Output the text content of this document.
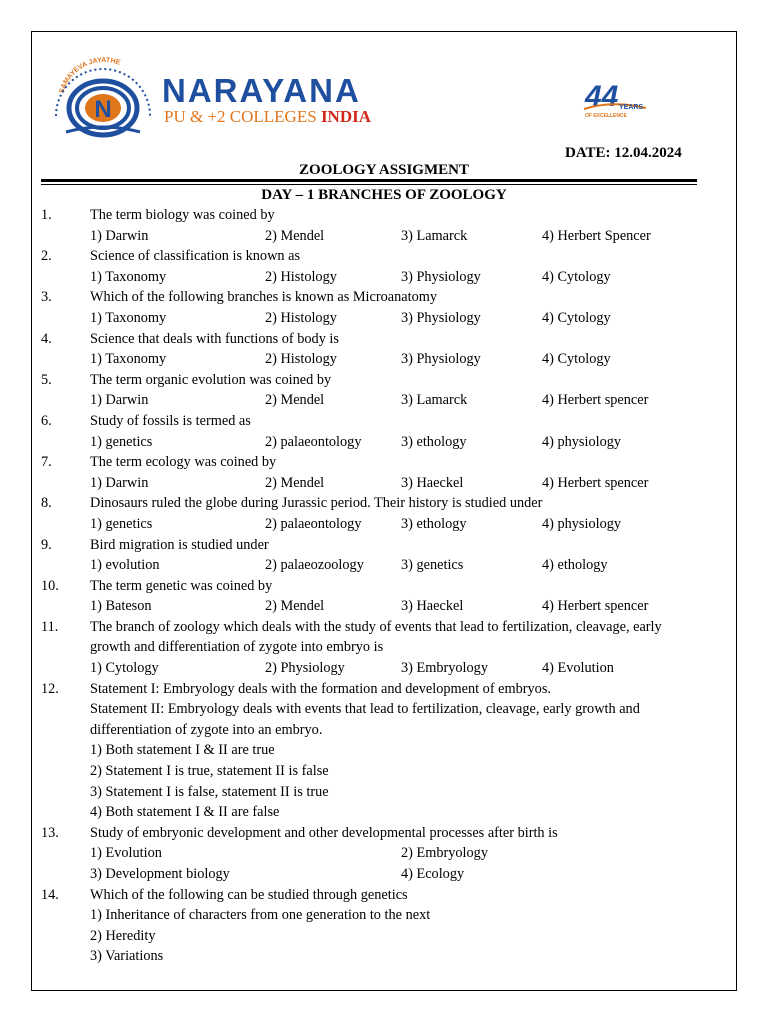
SAMAYEVA JAYATHE
N
NARAYANA
PU & +2 COLLEGES INDIA
44 YEARS
OF EXCELLENCE
DATE: 12.04.2024
ZOOLOGY ASSIGMENT
DAY – 1 BRANCHES OF ZOOLOGY
1.	The term biology was coined by
1) Darwin	2) Mendel	3) Lamarck	4) Herbert Spencer
2.	Science of classification is known as
1) Taxonomy	2) Histology	3) Physiology	4) Cytology
3.	Which of the following branches is known as Microanatomy
1) Taxonomy	2) Histology	3) Physiology	4) Cytology
4.	Science that deals with functions of body is
1) Taxonomy	2) Histology	3) Physiology	4) Cytology
5.	The term organic evolution was coined by
1) Darwin	2) Mendel	3) Lamarck	4) Herbert spencer
6.	Study of fossils is termed as
1) genetics	2) palaeontology	3) ethology	4) physiology
7.	The term ecology was coined by
1) Darwin	2) Mendel	3) Haeckel	4) Herbert spencer
8.	Dinosaurs ruled the globe during Jurassic period. Their history is studied under
1) genetics	2) palaeontology	3) ethology	4) physiology
9.	Bird migration is studied under
1) evolution	2) palaeozoology	3) genetics	4) ethology
10.	The term genetic was coined by
1) Bateson	2) Mendel	3) Haeckel	4) Herbert spencer
11.	The branch of zoology which deals with the study of events that lead to fertilization, cleavage, early
growth and differentiation of zygote into embryo is
1) Cytology	2) Physiology	3) Embryology	4) Evolution
12.	Statement I: Embryology deals with the formation and development of embryos.
Statement II: Embryology deals with events that lead to fertilization, cleavage, early growth and
differentiation of zygote into an embryo.
1) Both statement I & II are true
2) Statement I is true, statement II is false
3) Statement I is false, statement II is true
4) Both statement I & II are false
13.	Study of embryonic development and other developmental processes after birth is
1) Evolution	2) Embryology
3) Development biology	4) Ecology
14.	Which of the following can be studied through genetics
1) Inheritance of characters from one generation to the next
2) Heredity
3) Variations
